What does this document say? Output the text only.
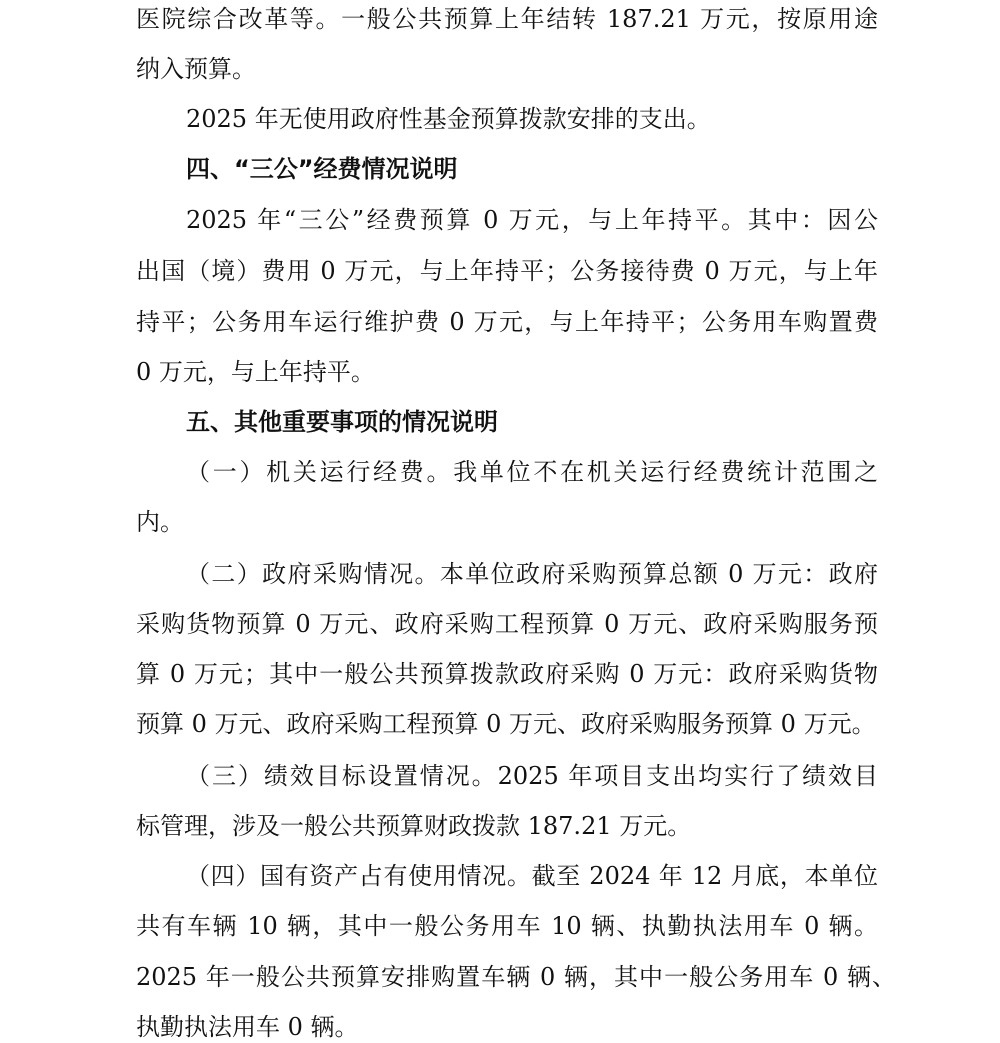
医院综合改革等。一般公共预算上年结转 187.21 万元，按原用途
纳入预算。
2025 年无使用政府性基金预算拨款安排的支出。
四、“三公”经费情况说明
2025 年“三公”经费预算 0 万元，与上年持平。其中：因公
出国（境）费用 0 万元，与上年持平；公务接待费 0 万元，与上年
持平；公务用车运行维护费 0 万元，与上年持平；公务用车购置费
0 万元，与上年持平。
五、其他重要事项的情况说明
（一）机关运行经费。我单位不在机关运行经费统计范围之
内。
（二）政府采购情况。本单位政府采购预算总额 0 万元：政府
采购货物预算 0 万元、政府采购工程预算 0 万元、政府采购服务预
算 0 万元；其中一般公共预算拨款政府采购 0 万元：政府采购货物
预算 0 万元、政府采购工程预算 0 万元、政府采购服务预算 0 万元。
（三）绩效目标设置情况。2025 年项目支出均实行了绩效目
标管理，涉及一般公共预算财政拨款 187.21 万元。
（四）国有资产占有使用情况。截至 2024 年 12 月底，本单位
共有车辆 10 辆，其中一般公务用车 10 辆、执勤执法用车 0 辆。
2025 年一般公共预算安排购置车辆 0 辆，其中一般公务用车 0 辆、
执勤执法用车 0 辆。
